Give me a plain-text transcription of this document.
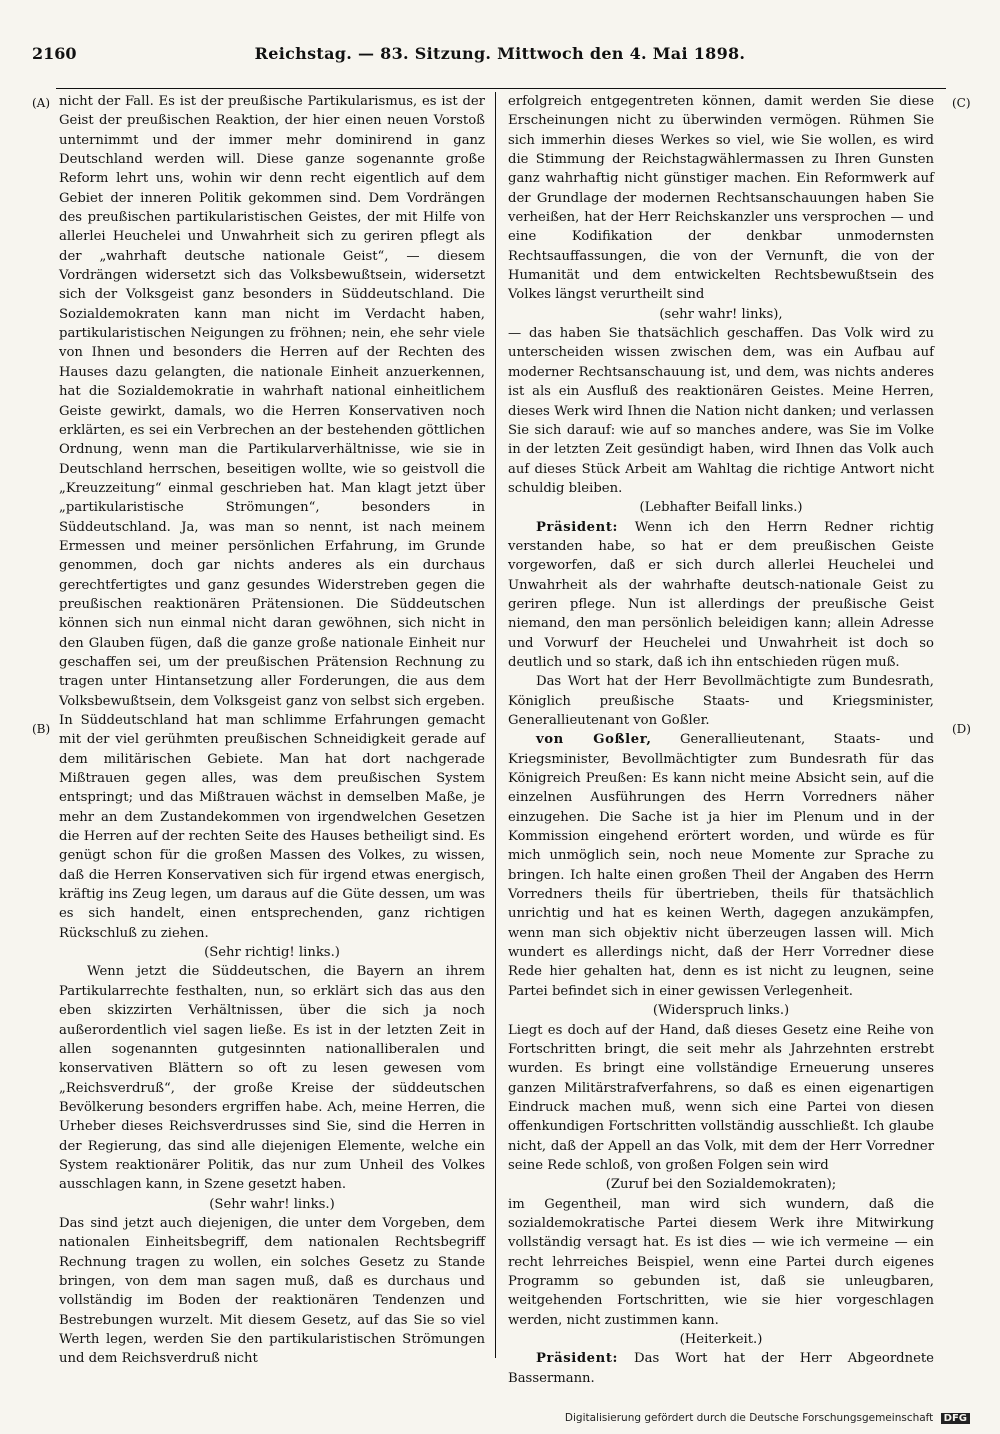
2160	Reichstag. — 83. Sitzung. Mittwoch den 4. Mai 1898.
(A)
(B)
(C)
(D)

nicht der Fall. Es ist der preußische Partikularismus, es ist der Geist der preußischen Reaktion, der hier einen neuen Vorstoß unternimmt und der immer mehr dominirend in ganz Deutschland werden will. Diese ganze sogenannte große Reform lehrt uns, wohin wir denn recht eigentlich auf dem Gebiet der inneren Politik gekommen sind. Dem Vordrängen des preußischen partikularistischen Geistes, der mit Hilfe von allerlei Heuchelei und Unwahrheit sich zu geriren pflegt als der „wahrhaft deutsche nationale Geist“, — diesem Vordrängen widersetzt sich das Volksbewußtsein, widersetzt sich der Volksgeist ganz besonders in Süddeutschland. Die Sozialdemokraten kann man nicht im Verdacht haben, partikularistischen Neigungen zu fröhnen; nein, ehe sehr viele von Ihnen und besonders die Herren auf der Rechten des Hauses dazu gelangten, die nationale Einheit anzuerkennen, hat die Sozialdemokratie in wahrhaft national einheitlichem Geiste gewirkt, damals, wo die Herren Konservativen noch erklärten, es sei ein Verbrechen an der bestehenden göttlichen Ordnung, wenn man die Partikularverhältnisse, wie sie in Deutschland herrschen, beseitigen wollte, wie so geistvoll die „Kreuzzeitung“ einmal geschrieben hat. Man klagt jetzt über „partikularistische Strömungen“, besonders in Süddeutschland. Ja, was man so nennt, ist nach meinem Ermessen und meiner persönlichen Erfahrung, im Grunde genommen, doch gar nichts anderes als ein durchaus gerechtfertigtes und ganz gesundes Widerstreben gegen die preußischen reaktionären Prätensionen. Die Süddeutschen können sich nun einmal nicht daran gewöhnen, sich nicht in den Glauben fügen, daß die ganze große nationale Einheit nur geschaffen sei, um der preußischen Prätension Rechnung zu tragen unter Hintansetzung aller Forderungen, die aus dem Volksbewußtsein, dem Volksgeist ganz von selbst sich ergeben. In Süddeutschland hat man schlimme Erfahrungen gemacht mit der viel gerühmten preußischen Schneidigkeit gerade auf dem militärischen Gebiete. Man hat dort nachgerade Mißtrauen gegen alles, was dem preußischen System entspringt; und das Mißtrauen wächst in demselben Maße, je mehr an dem Zustandekommen von irgendwelchen Gesetzen die Herren auf der rechten Seite des Hauses betheiligt sind. Es genügt schon für die großen Massen des Volkes, zu wissen, daß die Herren Konservativen sich für irgend etwas energisch, kräftig ins Zeug legen, um daraus auf die Güte dessen, um was es sich handelt, einen entsprechenden, ganz richtigen Rückschluß zu ziehen.

(Sehr richtig! links.)

Wenn jetzt die Süddeutschen, die Bayern an ihrem Partikularrechte festhalten, nun, so erklärt sich das aus den eben skizzirten Verhältnissen, über die sich ja noch außerordentlich viel sagen ließe. Es ist in der letzten Zeit in allen sogenannten gutgesinnten nationalliberalen und konservativen Blättern so oft zu lesen gewesen vom „Reichsverdruß“, der große Kreise der süddeutschen Bevölkerung besonders ergriffen habe. Ach, meine Herren, die Urheber dieses Reichsverdrusses sind Sie, sind die Herren in der Regierung, das sind alle diejenigen Elemente, welche ein System reaktionärer Politik, das nur zum Unheil des Volkes ausschlagen kann, in Szene gesetzt haben.

(Sehr wahr! links.)

Das sind jetzt auch diejenigen, die unter dem Vorgeben, dem nationalen Einheitsbegriff, dem nationalen Rechtsbegriff Rechnung tragen zu wollen, ein solches Gesetz zu Stande bringen, von dem man sagen muß, daß es durchaus und vollständig im Boden der reaktionären Tendenzen und Bestrebungen wurzelt. Mit diesem Gesetz, auf das Sie so viel Werth legen, werden Sie den partikularistischen Strömungen und dem Reichsverdruß nicht

erfolgreich entgegentreten können, damit werden Sie diese Erscheinungen nicht zu überwinden vermögen. Rühmen Sie sich immerhin dieses Werkes so viel, wie Sie wollen, es wird die Stimmung der Reichstagwählermassen zu Ihren Gunsten ganz wahrhaftig nicht günstiger machen. Ein Reformwerk auf der Grundlage der modernen Rechtsanschauungen haben Sie verheißen, hat der Herr Reichskanzler uns versprochen — und eine Kodifikation der denkbar unmodernsten Rechtsauffassungen, die von der Vernunft, die von der Humanität und dem entwickelten Rechtsbewußtsein des Volkes längst verurtheilt sind

(sehr wahr! links),

— das haben Sie thatsächlich geschaffen. Das Volk wird zu unterscheiden wissen zwischen dem, was ein Aufbau auf moderner Rechtsanschauung ist, und dem, was nichts anderes ist als ein Ausfluß des reaktionären Geistes. Meine Herren, dieses Werk wird Ihnen die Nation nicht danken; und verlassen Sie sich darauf: wie auf so manches andere, was Sie im Volke in der letzten Zeit gesündigt haben, wird Ihnen das Volk auch auf dieses Stück Arbeit am Wahltag die richtige Antwort nicht schuldig bleiben.

(Lebhafter Beifall links.)

Präsident: Wenn ich den Herrn Redner richtig verstanden habe, so hat er dem preußischen Geiste vorgeworfen, daß er sich durch allerlei Heuchelei und Unwahrheit als der wahrhafte deutsch-nationale Geist zu geriren pflege. Nun ist allerdings der preußische Geist niemand, den man persönlich beleidigen kann; allein Adresse und Vorwurf der Heuchelei und Unwahrheit ist doch so deutlich und so stark, daß ich ihn entschieden rügen muß.

Das Wort hat der Herr Bevollmächtigte zum Bundesrath, Königlich preußische Staats- und Kriegsminister, Generallieutenant von Goßler.

von Goßler, Generallieutenant, Staats- und Kriegsminister, Bevollmächtigter zum Bundesrath für das Königreich Preußen: Es kann nicht meine Absicht sein, auf die einzelnen Ausführungen des Herrn Vorredners näher einzugehen. Die Sache ist ja hier im Plenum und in der Kommission eingehend erörtert worden, und würde es für mich unmöglich sein, noch neue Momente zur Sprache zu bringen. Ich halte einen großen Theil der Angaben des Herrn Vorredners theils für übertrieben, theils für thatsächlich unrichtig und hat es keinen Werth, dagegen anzukämpfen, wenn man sich objektiv nicht überzeugen lassen will. Mich wundert es allerdings nicht, daß der Herr Vorredner diese Rede hier gehalten hat, denn es ist nicht zu leugnen, seine Partei befindet sich in einer gewissen Verlegenheit.

(Widerspruch links.)

Liegt es doch auf der Hand, daß dieses Gesetz eine Reihe von Fortschritten bringt, die seit mehr als Jahrzehnten erstrebt wurden. Es bringt eine vollständige Erneuerung unseres ganzen Militärstrafverfahrens, so daß es einen eigenartigen Eindruck machen muß, wenn sich eine Partei von diesen offenkundigen Fortschritten vollständig ausschließt. Ich glaube nicht, daß der Appell an das Volk, mit dem der Herr Vorredner seine Rede schloß, von großen Folgen sein wird

(Zuruf bei den Sozialdemokraten);

im Gegentheil, man wird sich wundern, daß die sozialdemokratische Partei diesem Werk ihre Mitwirkung vollständig versagt hat. Es ist dies — wie ich vermeine — ein recht lehrreiches Beispiel, wenn eine Partei durch eigenes Programm so gebunden ist, daß sie unleugbaren, weitgehenden Fortschritten, wie sie hier vorgeschlagen werden, nicht zustimmen kann.

(Heiterkeit.)

Präsident: Das Wort hat der Herr Abgeordnete Bassermann.

Digitalisierung gefördert durch die Deutsche Forschungsgemeinschaft DFG
